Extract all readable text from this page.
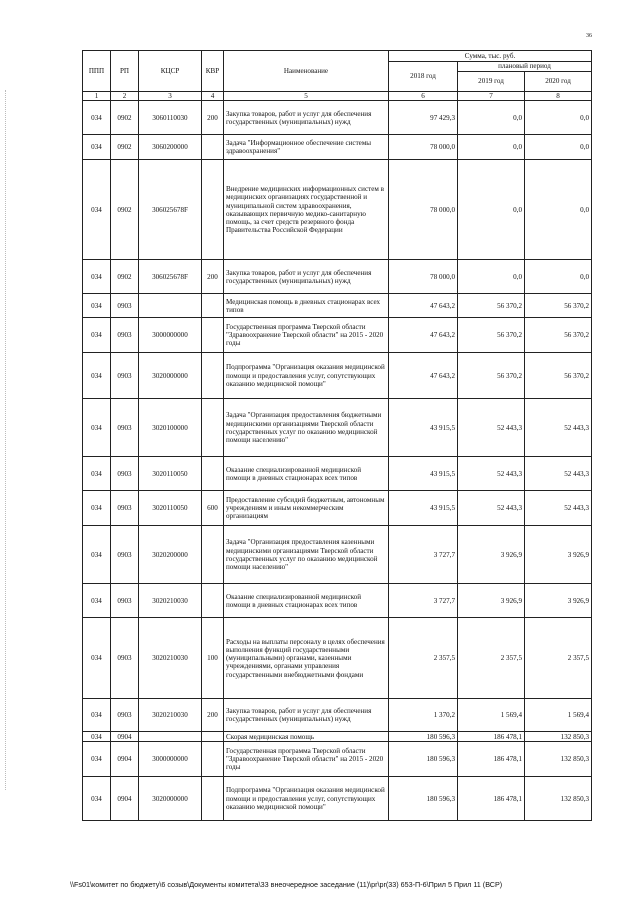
36
ППП	РП	КЦСР	КВР	Наименование	Сумма, тыс. руб.		
					2018 год	плановый период	
						2019 год	2020 год
1	2	3	4	5	6	7	8
034	0902	3060110030	200	Закупка товаров, работ и услуг для обеспечения государственных (муниципальных) нужд	97 429,3	0,0	0,0
034	0902	3060200000		Задача "Информационное обеспечение системы здравоохранения"	78 000,0	0,0	0,0
034	0902	306025678F		Внедрение медицинских информационных систем в медицинских организациях государственной и муниципальной систем здравоохранения, оказывающих первичную медико-санитарную помощь, за счет средств резервного фонда Правительства Российской Федерации	78 000,0	0,0	0,0
034	0902	306025678F	200	Закупка товаров, работ и услуг для обеспечения государственных (муниципальных) нужд	78 000,0	0,0	0,0
034	0903			Медицинская помощь в дневных стационарах всех типов	47 643,2	56 370,2	56 370,2
034	0903	3000000000		Государственная программа Тверской области "Здравоохранение Тверской области" на 2015 - 2020 годы	47 643,2	56 370,2	56 370,2
034	0903	3020000000		Подпрограмма "Организация оказания медицинской помощи и предоставления услуг, сопутствующих оказанию медицинской помощи"	47 643,2	56 370,2	56 370,2
034	0903	3020100000		Задача "Организация предоставления бюджетными медицинскими организациями Тверской области государственных услуг по оказанию медицинской помощи населению"	43 915,5	52 443,3	52 443,3
034	0903	3020110050		Оказание специализированной медицинской помощи в дневных стационарах всех типов	43 915,5	52 443,3	52 443,3
034	0903	3020110050	600	Предоставление субсидий бюджетным, автономным учреждениям и иным некоммерческим организациям	43 915,5	52 443,3	52 443,3
034	0903	3020200000		Задача "Организация предоставления казенными медицинскими организациями Тверской области государственных услуг по оказанию медицинской помощи населению"	3 727,7	3 926,9	3 926,9
034	0903	3020210030		Оказание специализированной медицинской помощи в дневных стационарах всех типов	3 727,7	3 926,9	3 926,9
034	0903	3020210030	100	Расходы на выплаты персоналу в целях обеспечения выполнения функций государственными (муниципальными) органами, казенными учреждениями, органами управления государственными внебюджетными фондами	2 357,5	2 357,5	2 357,5
034	0903	3020210030	200	Закупка товаров, работ и услуг для обеспечения государственных (муниципальных) нужд	1 370,2	1 569,4	1 569,4
034	0904			Скорая медицинская помощь	180 596,3	186 478,1	132 850,3
034	0904	3000000000		Государственная программа Тверской области "Здравоохранение Тверской области" на 2015 - 2020 годы	180 596,3	186 478,1	132 850,3
034	0904	3020000000		Подпрограмма "Организация оказания медицинской помощи и предоставления услуг, сопутствующих оказанию медицинской помощи"	180 596,3	186 478,1	132 850,3
\\Fs01\комитет по бюджету\6 созыв\Документы комитета\33 внеочередное заседание (11)\pr\pr(33) 653-П-6\Прил 5 Прил 11 (ВСР)
